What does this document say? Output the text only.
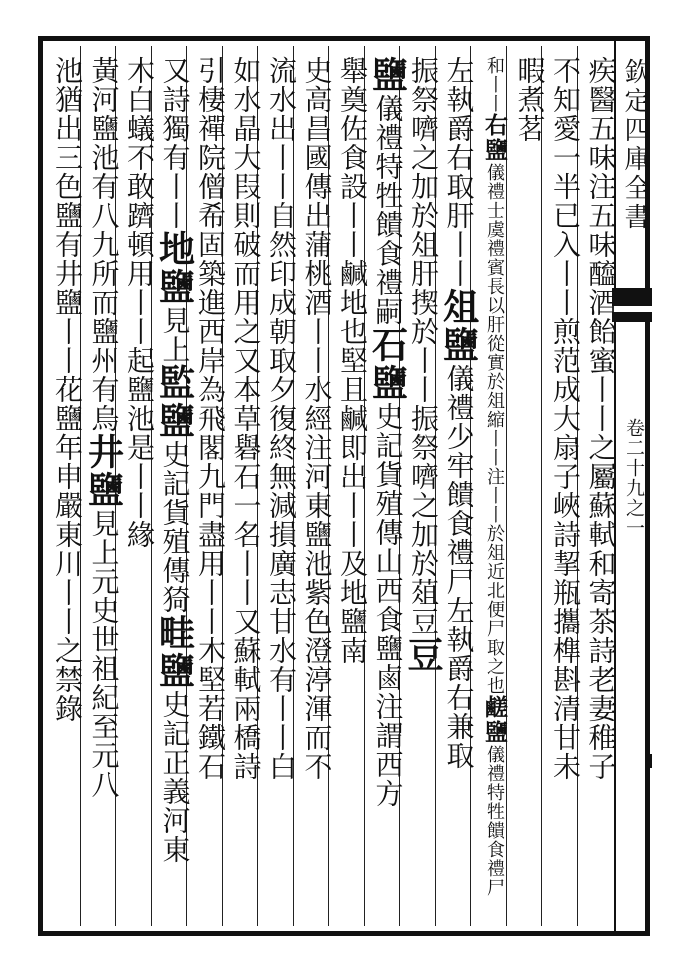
欽定四庫全書
卷二十九之一
疾醫五味注五味醯酒飴蜜丨丨之屬蘇軾和寄茶詩老妻稚子
不知愛一半已入丨丨煎范成大扇子峽詩挈瓶攜榫斟清甘未
暇煮茗
和丨丨右鹽儀禮士虞禮賓長以肝從實於俎縮丨丨注丨丨於俎近北便尸取之也鹺鹽儀禮特牲饋食禮尸
左執爵右取肝丨丨俎鹽儀禮少牢饋食禮尸左執爵右兼取
振祭嚌之加於俎肝揳於丨丨振祭嚌之加於葅豆豆
鹽儀禮特牲饋食禮嗣石鹽史記貨殖傳山西食鹽鹵注謂西方
舉奠佐食設丨丨鹹地也堅且鹹即出丨丨及地鹽南
史高昌國傳出蒲桃酒丨丨水經注河東鹽池紫色澄渟渾而不
流水出丨丨自然印成朝取夕復終無減損廣志甘水有丨丨白
如水晶大叚則破而用之又本草礜石一名丨丨又蘇軾兩橋詩
引棲禪院僧希固築進西岸為飛閣九門盡用丨丨木堅若鐵石
又詩獨有丨丨地鹽見上監鹽史記貨殖傳猗畦鹽史記正義河東
木白蟻不敢躋頓用丨丨起鹽池是丨丨緣
黃河鹽池有八九所而鹽州有烏井鹽見上元史世祖紀至元八
池猶出三色鹽有井鹽丨丨花鹽年申嚴東川丨丨之禁錄
